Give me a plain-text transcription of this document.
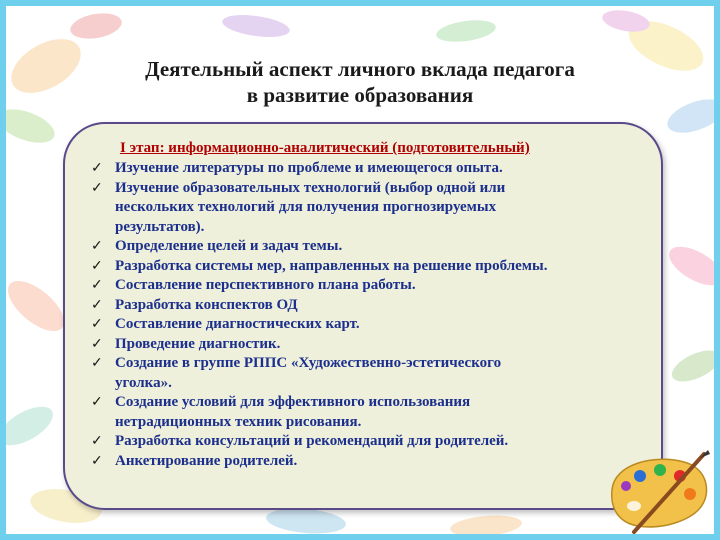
Деятельный аспект личного вклада педагога
в развитие образования
I этап: информационно-аналитический (подготовительный)
✓ Изучение литературы по проблеме и имеющегося опыта.
✓ Изучение образовательных технологий (выбор одной или
нескольких технологий для получения прогнозируемых
результатов).
✓ Определение целей и задач темы.
✓ Разработка системы мер, направленных на решение проблемы.
✓ Составление перспективного плана работы.
✓ Разработка конспектов ОД
✓ Составление диагностических карт.
✓ Проведение диагностик.
✓ Создание в группе РППС «Художественно-эстетического
уголка».
✓ Создание условий для эффективного использования
нетрадиционных техник рисования.
✓ Разработка консультаций и рекомендаций для родителей.
✓ Анкетирование родителей.
